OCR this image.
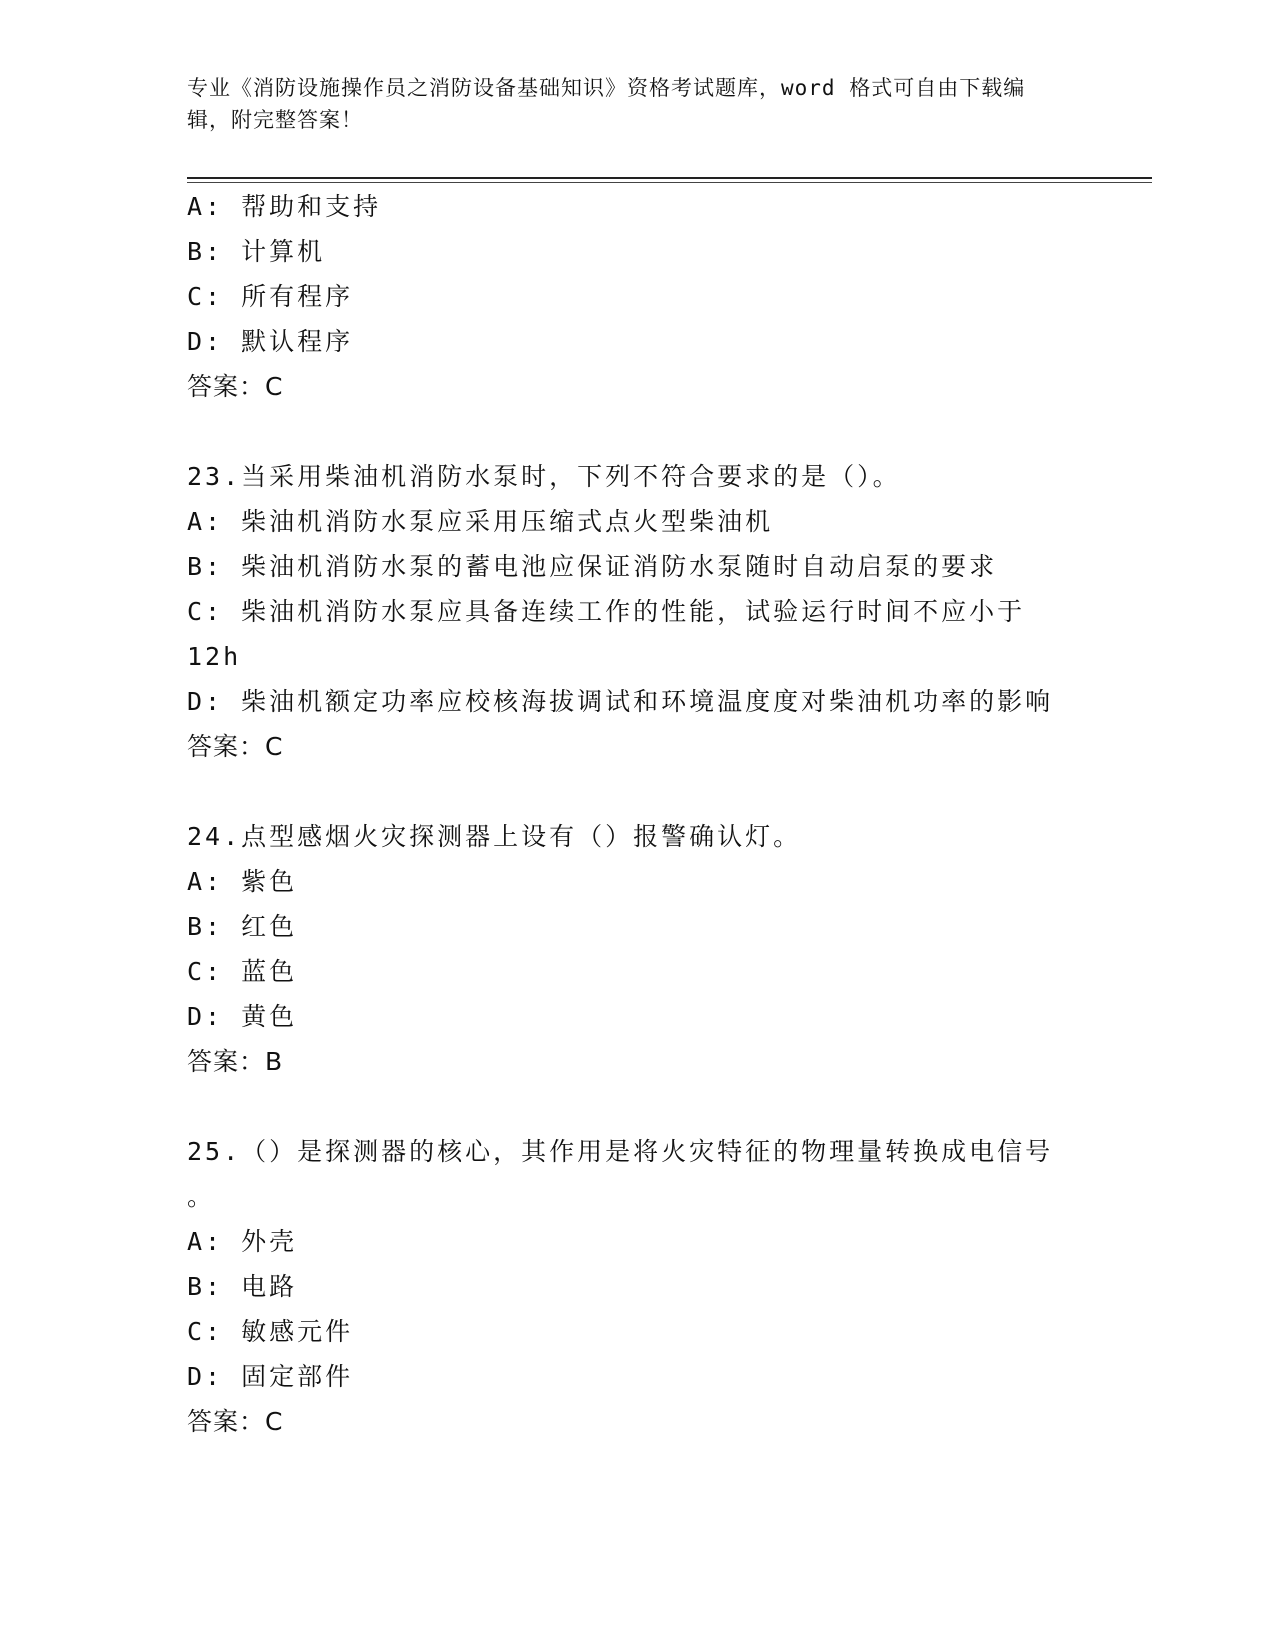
专业《消防设施操作员之消防设备基础知识》资格考试题库，word 格式可自由下载编辑，附完整答案！
A: 帮助和支持
B: 计算机
C: 所有程序
D: 默认程序
答案：C
23.当采用柴油机消防水泵时，下列不符合要求的是（）。
A: 柴油机消防水泵应采用压缩式点火型柴油机
B: 柴油机消防水泵的蓄电池应保证消防水泵随时自动启泵的要求
C: 柴油机消防水泵应具备连续工作的性能，试验运行时间不应小于
12h
D: 柴油机额定功率应校核海拔调试和环境温度度对柴油机功率的影响
答案：C
24.点型感烟火灾探测器上设有（）报警确认灯。
A: 紫色
B: 红色
C: 蓝色
D: 黄色
答案：B
25.（）是探测器的核心，其作用是将火灾特征的物理量转换成电信号
。
A: 外壳
B: 电路
C: 敏感元件
D: 固定部件
答案：C
